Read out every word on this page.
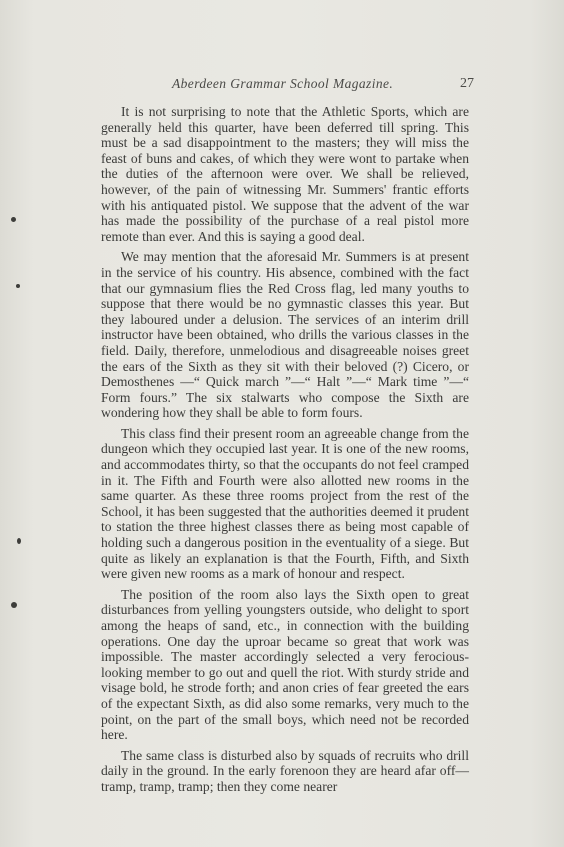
Aberdeen Grammar School Magazine.	27

It is not surprising to note that the Athletic Sports, which are generally held this quarter, have been deferred till spring. This must be a sad disappointment to the masters; they will miss the feast of buns and cakes, of which they were wont to partake when the duties of the afternoon were over. We shall be relieved, however, of the pain of witnessing Mr. Summers' frantic efforts with his antiquated pistol. We suppose that the advent of the war has made the possibility of the purchase of a real pistol more remote than ever. And this is saying a good deal.

We may mention that the aforesaid Mr. Summers is at present in the service of his country. His absence, combined with the fact that our gymnasium flies the Red Cross flag, led many youths to suppose that there would be no gymnastic classes this year. But they laboured under a delusion. The services of an interim drill instructor have been obtained, who drills the various classes in the field. Daily, therefore, unmelodious and disagreeable noises greet the ears of the Sixth as they sit with their beloved (?) Cicero, or Demosthenes —“ Quick march ”—“ Halt ”—“ Mark time ”—“ Form fours.” The six stalwarts who compose the Sixth are wondering how they shall be able to form fours.

This class find their present room an agreeable change from the dungeon which they occupied last year. It is one of the new rooms, and accommodates thirty, so that the occupants do not feel cramped in it. The Fifth and Fourth were also allotted new rooms in the same quarter. As these three rooms project from the rest of the School, it has been suggested that the authorities deemed it prudent to station the three highest classes there as being most capable of holding such a dangerous position in the eventuality of a siege. But quite as likely an explanation is that the Fourth, Fifth, and Sixth were given new rooms as a mark of honour and respect.

The position of the room also lays the Sixth open to great disturbances from yelling youngsters outside, who delight to sport among the heaps of sand, etc., in connection with the building operations. One day the uproar became so great that work was impossible. The master accordingly selected a very ferocious-looking member to go out and quell the riot. With sturdy stride and visage bold, he strode forth; and anon cries of fear greeted the ears of the expectant Sixth, as did also some remarks, very much to the point, on the part of the small boys, which need not be recorded here.

The same class is disturbed also by squads of recruits who drill daily in the ground. In the early forenoon they are heard afar off—tramp, tramp, tramp; then they come nearer
